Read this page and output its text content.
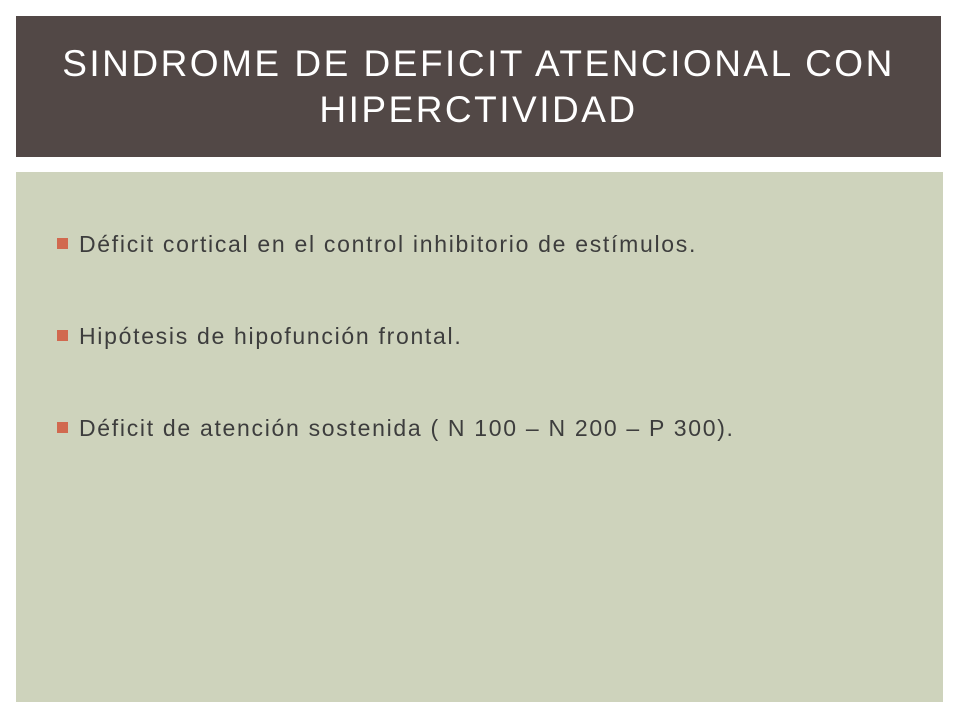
SINDROME DE DEFICIT ATENCIONAL CON HIPERCTIVIDAD
Déficit cortical en el control inhibitorio de estímulos.
Hipótesis de hipofunción frontal.
Déficit de atención sostenida ( N 100 – N 200 – P 300).
